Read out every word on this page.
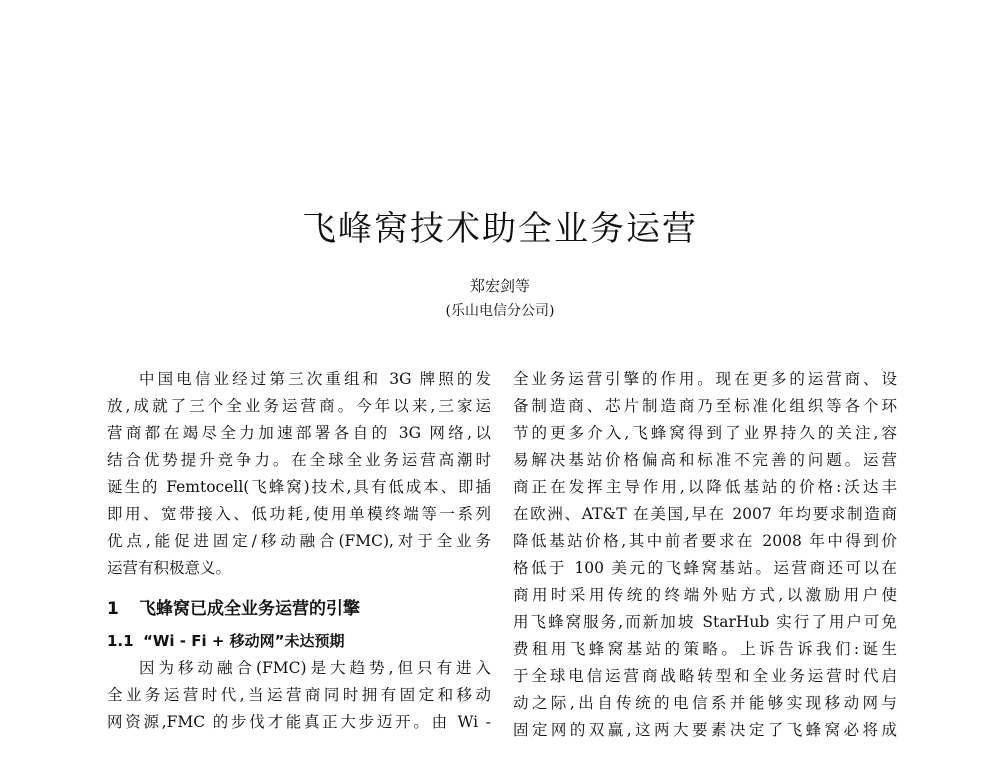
飞峰窝技术助全业务运营
郑宏剑等
(乐山电信分公司)
中国电信业经过第三次重组和 3G 牌照的发
放,成就了三个全业务运营商。今年以来,三家运
营商都在竭尽全力加速部署各自的 3G 网络,以
结合优势提升竞争力。在全球全业务运营高潮时
诞生的 Femtocell(飞蜂窝)技术,具有低成本、即插
即用、宽带接入、低功耗,使用单模终端等一系列
优点,能促进固定/移动融合(FMC),对于全业务
运营有积极意义。
1 飞蜂窝已成全业务运营的引擎
1.1 “Wi - Fi + 移动网”未达预期
因为移动融合(FMC)是大趋势,但只有进入
全业务运营时代,当运营商同时拥有固定和移动
网资源,FMC 的步伐才能真正大步迈开。由 Wi -
全业务运营引擎的作用。现在更多的运营商、设
备制造商、芯片制造商乃至标准化组织等各个环
节的更多介入,飞蜂窝得到了业界持久的关注,容
易解决基站价格偏高和标准不完善的问题。运营
商正在发挥主导作用,以降低基站的价格:沃达丰
在欧洲、AT&T 在美国,早在 2007 年均要求制造商
降低基站价格,其中前者要求在 2008 年中得到价
格低于 100 美元的飞蜂窝基站。运营商还可以在
商用时采用传统的终端外贴方式,以激励用户使
用飞蜂窝服务,而新加坡 StarHub 实行了用户可免
费租用飞蜂窝基站的策略。上诉告诉我们:诞生
于全球电信运营商战略转型和全业务运营时代启
动之际,出自传统的电信系并能够实现移动网与
固定网的双赢,这两大要素决定了飞蜂窝必将成
